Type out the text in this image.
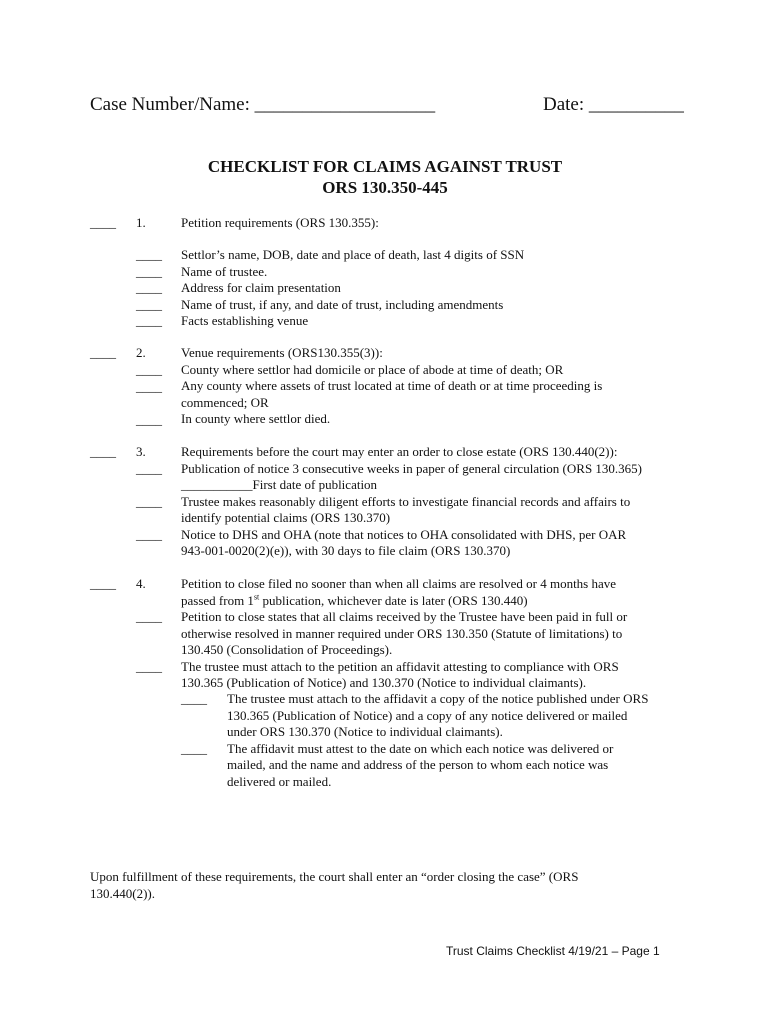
Case Number/Name: ___________________	Date: __________
CHECKLIST FOR CLAIMS AGAINST TRUST
ORS 130.350-445
____ 1.	Petition requirements (ORS 130.355):
____
____
____
____
____
Settlor’s name, DOB, date and place of death, last 4 digits of SSN
Name of trustee.
Address for claim presentation
Name of trust, if any, and date of trust, including amendments
Facts establishing venue
____ 2.
____
____

____
Venue requirements (ORS130.355(3)):
County where settlor had domicile or place of abode at time of death; OR
Any county where assets of trust located at time of death or at time proceeding is
commenced; OR
In county where settlor died.
____ 3.
____

____

____
Requirements before the court may enter an order to close estate (ORS 130.440(2)):
Publication of notice 3 consecutive weeks in paper of general circulation (ORS 130.365)
___________First date of publication
Trustee makes reasonably diligent efforts to investigate financial records and affairs to
identify potential claims (ORS 130.370)
Notice to DHS and OHA (note that notices to OHA consolidated with DHS, per OAR
943-001-0020(2)(e)), with 30 days to file claim (ORS 130.370)
____ 4.
____

____
Petition to close filed no sooner than when all claims are resolved or 4 months have
passed from 1st publication, whichever date is later (ORS 130.440)
Petition to close states that all claims received by the Trustee have been paid in full or
otherwise resolved in manner required under ORS 130.350 (Statute of limitations) to
130.450 (Consolidation of Proceedings).
The trustee must attach to the petition an affidavit attesting to compliance with ORS
130.365 (Publication of Notice) and 130.370 (Notice to individual claimants).
____

____
The trustee must attach to the affidavit a copy of the notice published under ORS
130.365 (Publication of Notice) and a copy of any notice delivered or mailed
under ORS 130.370 (Notice to individual claimants).
The affidavit must attest to the date on which each notice was delivered or
mailed, and the name and address of the person to whom each notice was
delivered or mailed.
Upon fulfillment of these requirements, the court shall enter an “order closing the case” (ORS
130.440(2)).
Trust Claims Checklist 4/19/21 – Page 1
